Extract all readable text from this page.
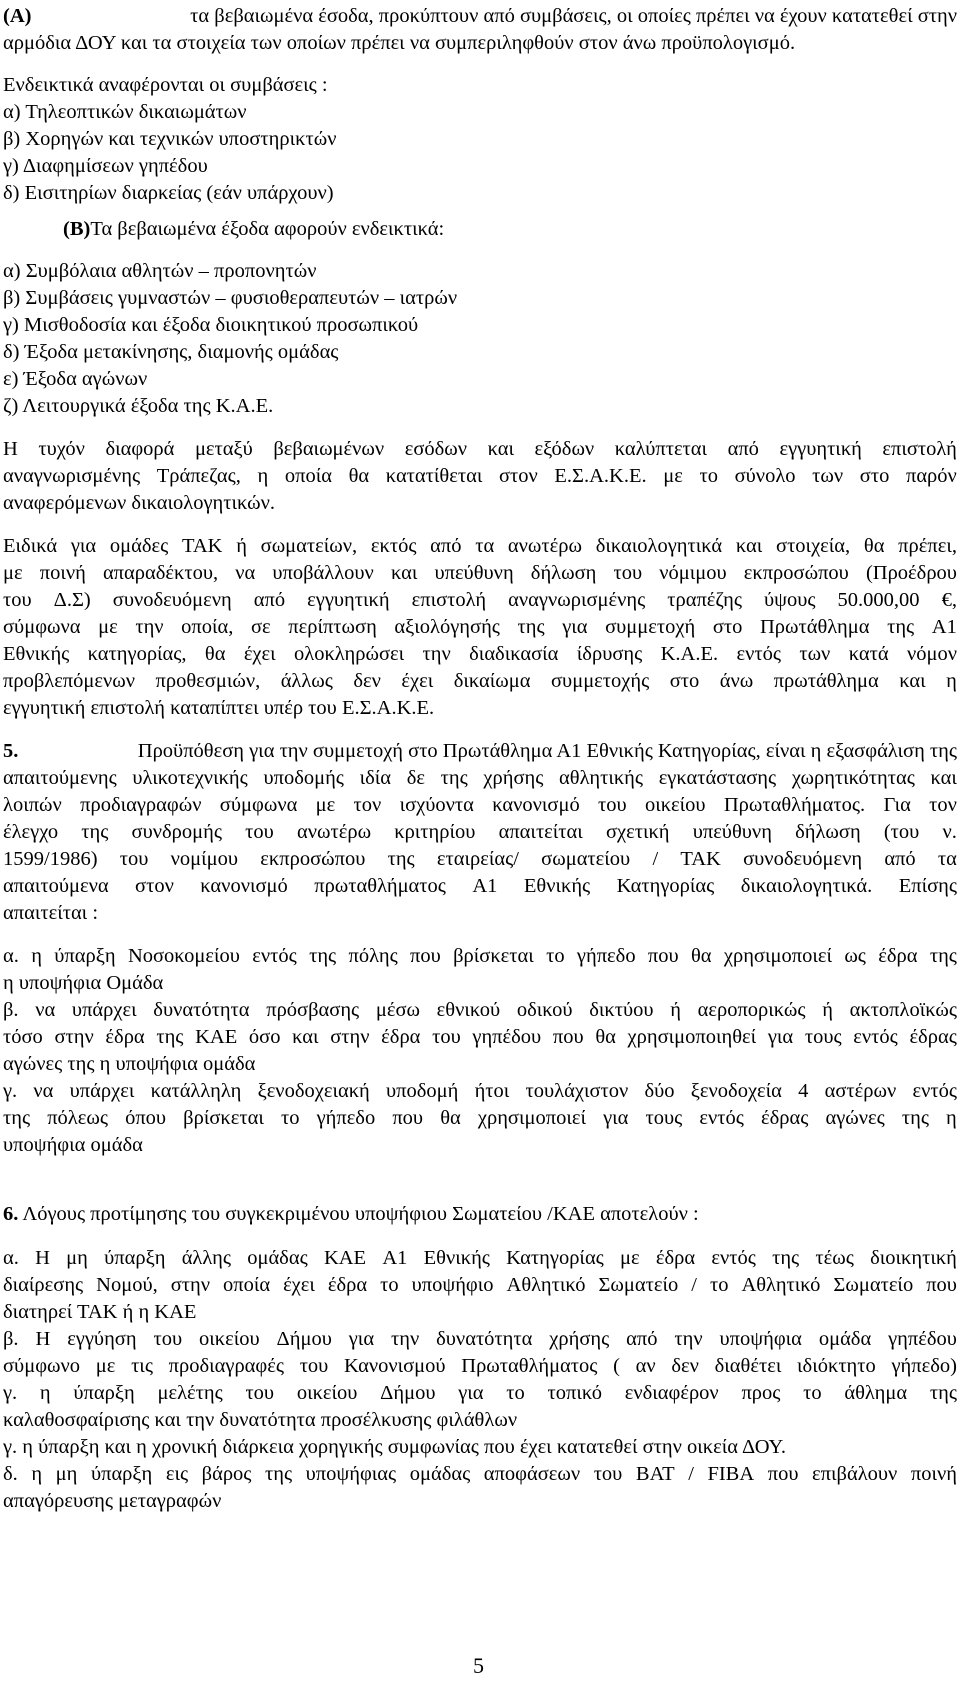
(A)	τα βεβαιωμένα έσοδα, προκύπτουν από συμβάσεις, οι οποίες πρέπει να έχουν κατατεθεί στην
αρμόδια ΔΟΥ και τα στοιχεία των οποίων πρέπει να συμπεριληφθούν στον άνω προϋπολογισμό.
Ενδεικτικά αναφέρονται οι συμβάσεις :
α) Τηλεοπτικών δικαιωμάτων
β) Χορηγών και τεχνικών υποστηρικτών
γ) Διαφημίσεων γηπέδου
δ) Εισιτηρίων διαρκείας (εάν υπάρχουν)
(B)Τα βεβαιωμένα έξοδα αφορούν ενδεικτικά:
α) Συμβόλαια αθλητών – προπονητών
β) Συμβάσεις γυμναστών – φυσιοθεραπευτών – ιατρών
γ) Μισθοδοσία και έξοδα διοικητικού προσωπικού
δ) Έξοδα μετακίνησης, διαμονής ομάδας
ε) Έξοδα αγώνων
ζ) Λειτουργικά έξοδα της Κ.Α.Ε.
Η τυχόν διαφορά μεταξύ βεβαιωμένων εσόδων και εξόδων καλύπτεται από εγγυητική επιστολή
αναγνωρισμένης Τράπεζας, η οποία θα κατατίθεται στον Ε.Σ.Α.Κ.Ε. με το σύνολο των στο παρόν
αναφερόμενων δικαιολογητικών.
Ειδικά για ομάδες ΤΑΚ ή σωματείων, εκτός από τα ανωτέρω δικαιολογητικά και στοιχεία, θα πρέπει,
με ποινή απαραδέκτου, να υποβάλλουν και υπεύθυνη δήλωση του νόμιμου εκπροσώπου (Προέδρου
του Δ.Σ) συνοδευόμενη από εγγυητική επιστολή αναγνωρισμένης τραπέζης ύψους 50.000,00 €,
σύμφωνα με την οποία, σε περίπτωση αξιολόγησής της για συμμετοχή στο Πρωτάθλημα της Α1
Εθνικής κατηγορίας, θα έχει ολοκληρώσει την διαδικασία ίδρυσης Κ.Α.Ε. εντός των κατά νόμον
προβλεπόμενων προθεσμιών, άλλως δεν έχει δικαίωμα συμμετοχής στο άνω πρωτάθλημα και η
εγγυητική επιστολή καταπίπτει υπέρ του Ε.Σ.Α.Κ.Ε.
5.	Προϋπόθεση για την συμμετοχή στο Πρωτάθλημα Α1 Εθνικής Κατηγορίας, είναι η εξασφάλιση της
απαιτούμενης υλικοτεχνικής υποδομής ιδία δε της χρήσης αθλητικής εγκατάστασης χωρητικότητας και
λοιπών προδιαγραφών σύμφωνα με τον ισχύοντα κανονισμό του οικείου Πρωταθλήματος. Για τον
έλεγχο της συνδρομής του ανωτέρω κριτηρίου απαιτείται σχετική υπεύθυνη δήλωση (του ν.
1599/1986) του νομίμου εκπροσώπου της εταιρείας/ σωματείου / ΤΑΚ συνοδευόμενη από τα
απαιτούμενα στον κανονισμό πρωταθλήματος Α1 Εθνικής Κατηγορίας δικαιολογητικά. Επίσης
απαιτείται :
α. η ύπαρξη Νοσοκομείου εντός της πόλης που βρίσκεται το γήπεδο που θα χρησιμοποιεί ως έδρα της
η υποψήφια Ομάδα
β. να υπάρχει δυνατότητα πρόσβασης μέσω εθνικού οδικού δικτύου ή αεροπορικώς ή ακτοπλοϊκώς
τόσο στην έδρα της ΚΑΕ όσο και στην έδρα του γηπέδου που θα χρησιμοποιηθεί για τους εντός έδρας
αγώνες της η υποψήφια ομάδα
γ. να υπάρχει κατάλληλη ξενοδοχειακή υποδομή ήτοι τουλάχιστον δύο ξενοδοχεία 4 αστέρων εντός
της πόλεως όπου βρίσκεται το γήπεδο που θα χρησιμοποιεί για τους εντός έδρας αγώνες της η
υποψήφια ομάδα
6. Λόγους προτίμησης του συγκεκριμένου υποψήφιου Σωματείου /ΚΑΕ αποτελούν :
α. Η μη ύπαρξη άλλης ομάδας ΚΑΕ Α1 Εθνικής Κατηγορίας με έδρα εντός της τέως διοικητική
διαίρεσης Νομού, στην οποία έχει έδρα το υποψήφιο Αθλητικό Σωματείο / το Αθλητικό Σωματείο που
διατηρεί ΤΑΚ ή η ΚΑΕ
β. Η εγγύηση του οικείου Δήμου για την δυνατότητα χρήσης από την υποψήφια ομάδα γηπέδου
σύμφωνο με τις προδιαγραφές του Κανονισμού Πρωταθλήματος ( αν δεν διαθέτει ιδιόκτητο γήπεδο)
γ. η ύπαρξη μελέτης του οικείου Δήμου για το τοπικό ενδιαφέρον προς το άθλημα της
καλαθοσφαίρισης και την δυνατότητα προσέλκυσης φιλάθλων
γ. η ύπαρξη και η χρονική διάρκεια χορηγικής συμφωνίας που έχει κατατεθεί στην οικεία ΔΟΥ.
δ. η μη ύπαρξη εις βάρος της υποψήφιας ομάδας αποφάσεων του BAT / FIBA που επιβάλουν ποινή
απαγόρευσης μεταγραφών
5
